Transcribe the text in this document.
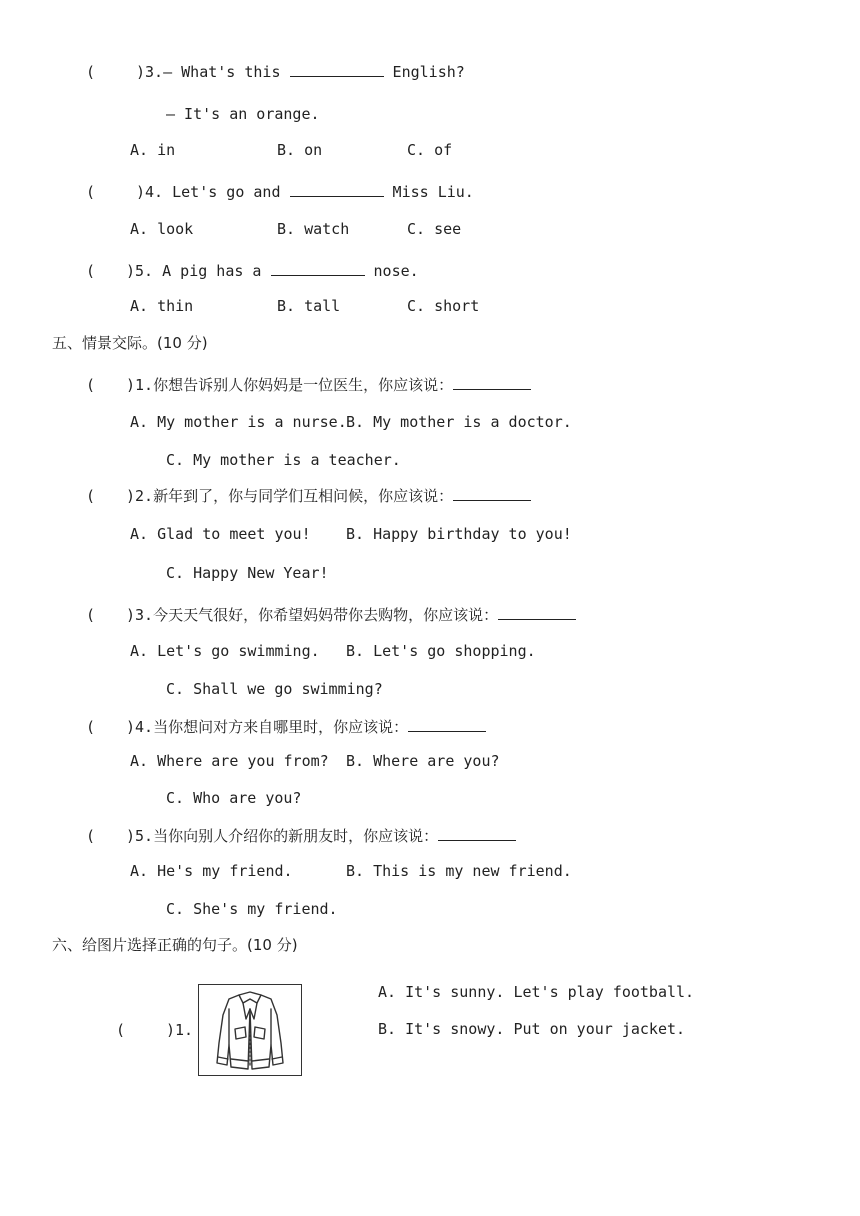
(	)3.— What's this	English?
— It's an orange.
A. in	B. on	C. of
(	)4. Let's go and	Miss Liu.
A. look	B. watch	C. see
( )5. A pig has a	nose.
A. thin	B. tall	C. short
五、情景交际。(10 分)
( )1.你想告诉别人你妈妈是一位医生，你应该说：
A. My mother is a nurse. B. My mother is a doctor.
C. My mother is a teacher.
( )2.新年到了，你与同学们互相问候，你应该说：
A. Glad to meet you! B. Happy birthday to you!
C. Happy New Year!
( )3.今天天气很好，你希望妈妈带你去购物，你应该说：
A. Let's go swimming. B. Let's go shopping.
C. Shall we go swimming?
( )4.当你想问对方来自哪里时，你应该说：
A. Where are you from? B. Where are you?
C. Who are you?
( )5.当你向别人介绍你的新朋友时，你应该说：
A. He's my friend.	B. This is my new friend.
C. She's my friend.
六、给图片选择正确的句子。(10 分)
(	)1.
A. It's sunny. Let's play football.
B. It's snowy. Put on your jacket.
